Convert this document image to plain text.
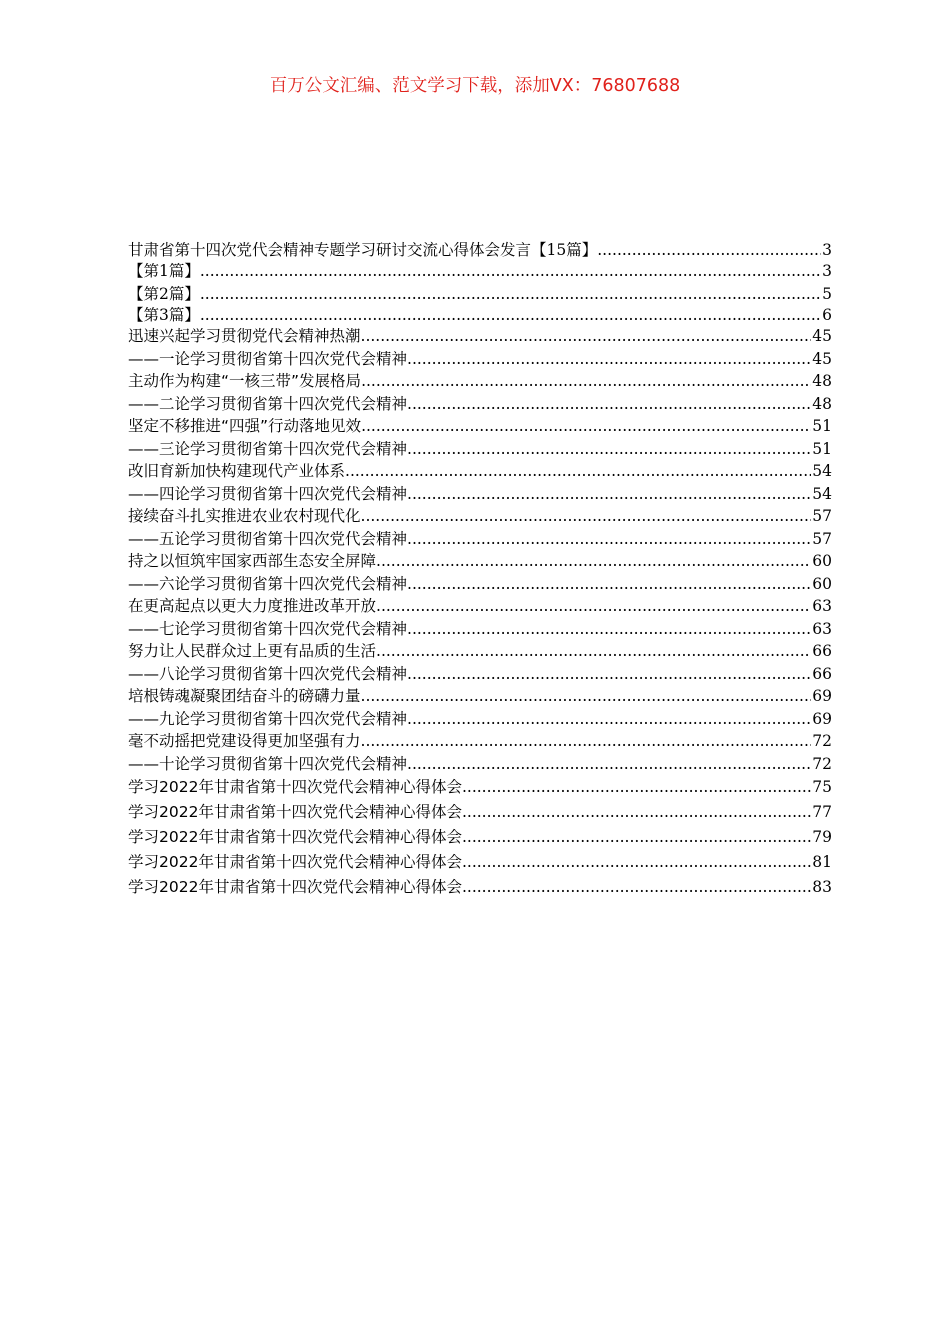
百万公文汇编、范文学习下载，添加VX：76807688
甘肃省第十四次党代会精神专题学习研讨交流心得体会发言【15篇】 .....	3
【第1篇】 .....	3
【第2篇】 .....	5
【第3篇】 .....	6
迅速兴起学习贯彻党代会精神热潮 .....	45
——一论学习贯彻省第十四次党代会精神 .....	45
主动作为构建“一核三带”发展格局 .....	48
——二论学习贯彻省第十四次党代会精神 .....	48
坚定不移推进“四强”行动落地见效 .....	51
——三论学习贯彻省第十四次党代会精神 .....	51
改旧育新加快构建现代产业体系 .....	54
——四论学习贯彻省第十四次党代会精神 .....	54
接续奋斗扎实推进农业农村现代化 .....	57
——五论学习贯彻省第十四次党代会精神 .....	57
持之以恒筑牢国家西部生态安全屏障 .....	60
——六论学习贯彻省第十四次党代会精神 .....	60
在更高起点以更大力度推进改革开放 .....	63
——七论学习贯彻省第十四次党代会精神 .....	63
努力让人民群众过上更有品质的生活 .....	66
——八论学习贯彻省第十四次党代会精神 .....	66
培根铸魂凝聚团结奋斗的磅礴力量 .....	69
——九论学习贯彻省第十四次党代会精神 .....	69
毫不动摇把党建设得更加坚强有力 .....	72
——十论学习贯彻省第十四次党代会精神 .....	72
学习2022年甘肃省第十四次党代会精神 心得体会 .....	75
学习2022年甘肃省第十四次党代会精神 心得体会 .....	77
学习2022年甘肃省第十四次党代会精神 心得体会 .....	79
学习2022年甘肃省第十四次党代会精神 心得体会 .....	81
学习2022年甘肃省第十四次党代会精神 心得体会 .....	83
